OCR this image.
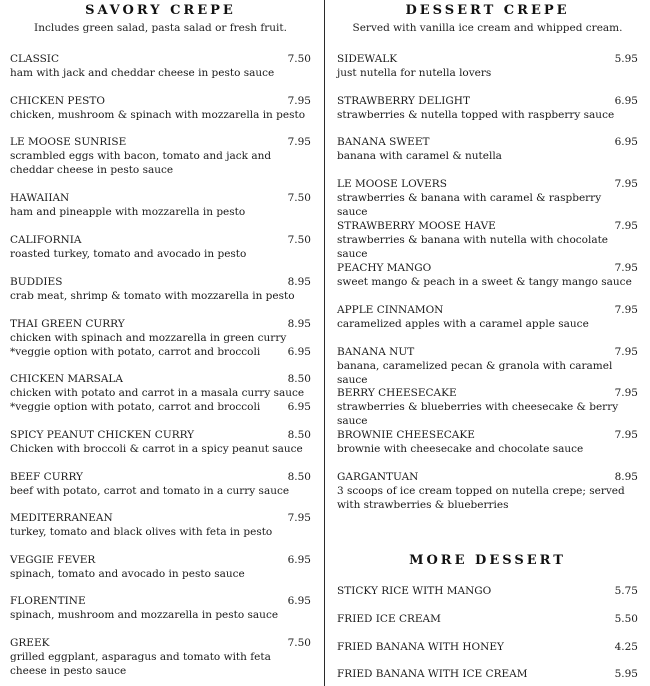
SAVORY CREPE
Includes green salad, pasta salad or fresh fruit.
CLASSIC	7.50
ham with jack and cheddar cheese in pesto sauce
CHICKEN PESTO	7.95
chicken, mushroom & spinach with mozzarella in pesto
LE MOOSE SUNRISE	7.95
scrambled eggs with bacon, tomato and jack and cheddar cheese in pesto sauce
HAWAIIAN	7.50
ham and pineapple with mozzarella in pesto
CALIFORNIA	7.50
roasted turkey, tomato and avocado in pesto
BUDDIES	8.95
crab meat, shrimp & tomato with mozzarella in pesto
THAI GREEN CURRY	8.95
chicken with spinach and mozzarella in green curry
*veggie option with potato, carrot and broccoli	6.95
CHICKEN MARSALA	8.50
chicken with potato and carrot in a masala curry sauce
*veggie option with potato, carrot and broccoli	6.95
SPICY PEANUT CHICKEN CURRY	8.50
Chicken with broccoli & carrot in a spicy peanut sauce
BEEF CURRY	8.50
beef with potato, carrot and tomato in a curry sauce
MEDITERRANEAN	7.95
turkey, tomato and black olives with feta in pesto
VEGGIE FEVER	6.95
spinach, tomato and avocado in pesto sauce
FLORENTINE	6.95
spinach, mushroom and mozzarella in pesto sauce
GREEK	7.50
grilled eggplant, asparagus and tomato with feta cheese in pesto sauce
DESSERT CREPE
Served with vanilla ice cream and whipped cream.
SIDEWALK	5.95
just nutella for nutella lovers
STRAWBERRY DELIGHT	6.95
strawberries & nutella topped with raspberry sauce
BANANA SWEET	6.95
banana with caramel & nutella
LE MOOSE LOVERS	7.95
strawberries & banana with caramel & raspberry sauce
STRAWBERRY MOOSE HAVE	7.95
strawberries & banana with nutella with chocolate sauce
PEACHY MANGO	7.95
sweet mango & peach in a sweet & tangy mango sauce
APPLE CINNAMON	7.95
caramelized apples with a caramel apple sauce
BANANA NUT	7.95
banana, caramelized pecan & granola with caramel sauce
BERRY CHEESECAKE	7.95
strawberries & blueberries with cheesecake & berry sauce
BROWNIE CHEESECAKE	7.95
brownie with cheesecake and chocolate sauce
GARGANTUAN	8.95
3 scoops of ice cream topped on nutella crepe; served with strawberries & blueberries
MORE DESSERT
STICKY RICE WITH MANGO	5.75
FRIED ICE CREAM	5.50
FRIED BANANA WITH HONEY	4.25
FRIED BANANA WITH ICE CREAM	5.95
